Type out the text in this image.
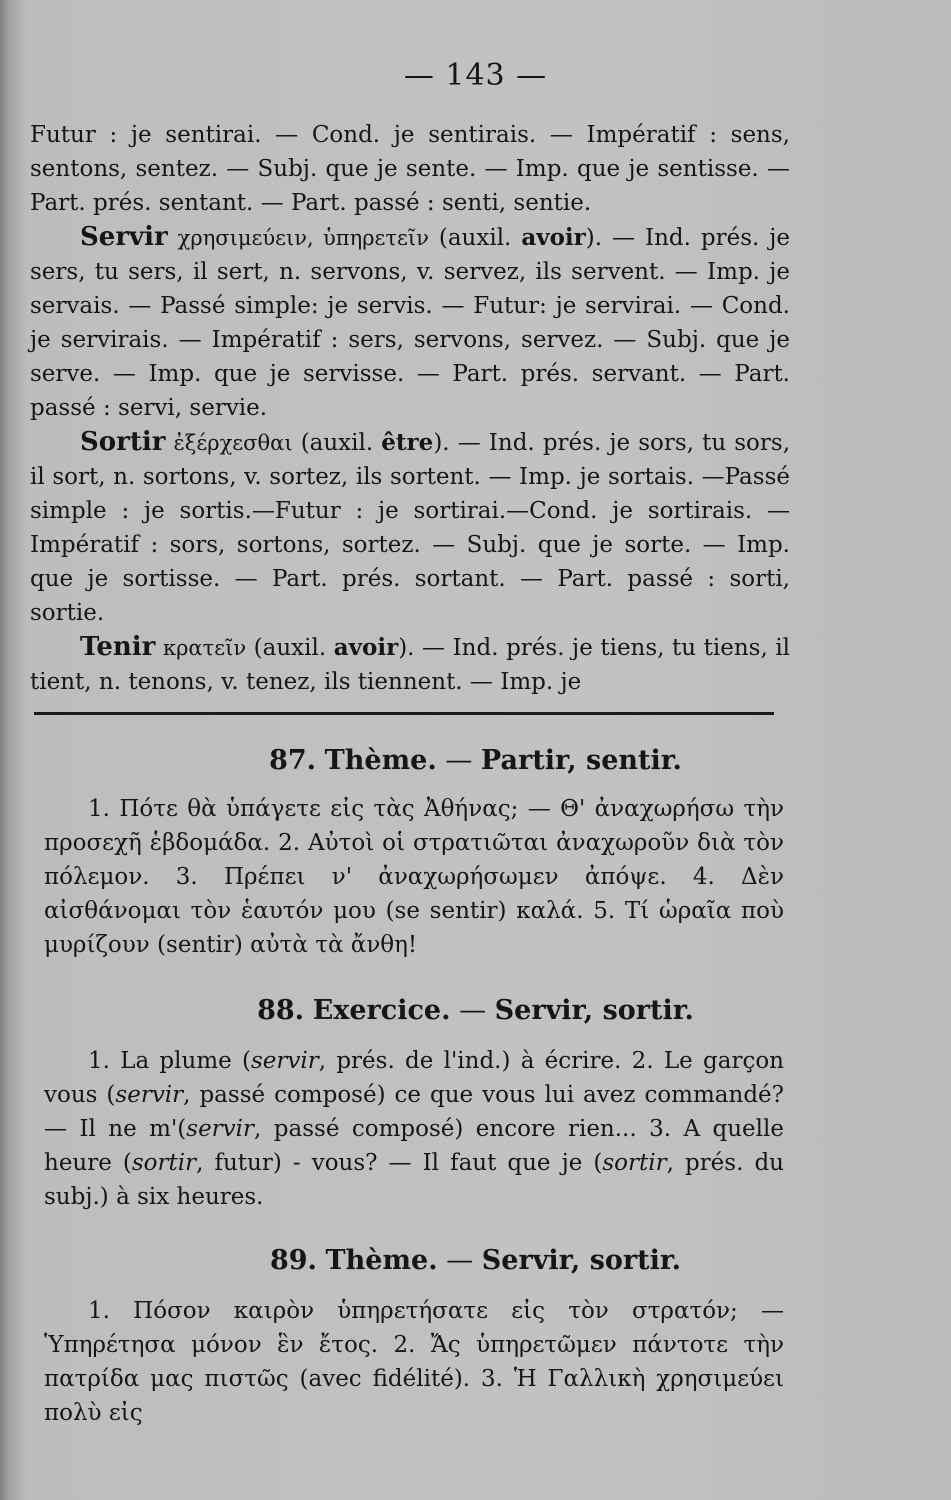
— 143 —

Futur : je sentirai. — Cond. je sentirais. — Impératif : sens, sentons, sentez. — Subj. que je sente. — Imp. que je sentisse. — Part. prés. sentant. — Part. passé : senti, sentie.

Servir χρησιμεύειν, ὑπηρετεῖν (auxil. avoir). — Ind. prés. je sers, tu sers, il sert, n. servons, v. servez, ils servent. — Imp. je servais. — Passé simple: je servis. — Futur: je servirai. — Cond. je servirais. — Impératif : sers, servons, servez. — Subj. que je serve. — Imp. que je servisse. — Part. prés. servant. — Part. passé : servi, servie.

Sortir ἐξέρχεσθαι (auxil. être). — Ind. prés. je sors, tu sors, il sort, n. sortons, v. sortez, ils sortent. — Imp. je sortais. —Passé simple : je sortis.—Futur : je sortirai.—Cond. je sortirais. — Impératif : sors, sortons, sortez. — Subj. que je sorte. — Imp. que je sortisse. — Part. prés. sortant. — Part. passé : sorti, sortie.

Tenir κρατεῖν (auxil. avoir). — Ind. prés. je tiens, tu tiens, il tient, n. tenons, v. tenez, ils tiennent. — Imp. je

87. Thème. — Partir, sentir.

1. Πότε θὰ ὑπάγετε εἰς τὰς Ἀθήνας; — Θ' ἀναχωρήσω τὴν προσεχῆ ἑβδομάδα. 2. Αὐτοὶ οἱ στρατιῶται ἀναχωροῦν διὰ τὸν πόλεμον. 3. Πρέπει ν' ἀναχωρήσωμεν ἀπόψε. 4. Δὲν αἰσθάνομαι τὸν ἑαυτόν μου (se sentir) καλά. 5. Τί ὡραῖα ποὺ μυρίζουν (sentir) αὐτὰ τὰ ἄνθη!

88. Exercice. — Servir, sortir.

1. La plume (servir, prés. de l'ind.) à écrire. 2. Le garçon vous (servir, passé composé) ce que vous lui avez commandé? — Il ne m'(servir, passé composé) encore rien... 3. A quelle heure (sortir, futur) - vous? — Il faut que je (sortir, prés. du subj.) à six heures.

89. Thème. — Servir, sortir.

1. Πόσον καιρὸν ὑπηρετήσατε εἰς τὸν στρατόν; — Ὑπηρέτησα μόνον ἓν ἔτος. 2. Ἄς ὑπηρετῶμεν πάντοτε τὴν πατρίδα μας πιστῶς (avec fidélité). 3. Ἡ Γαλλικὴ χρησιμεύει πολὺ εἰς
